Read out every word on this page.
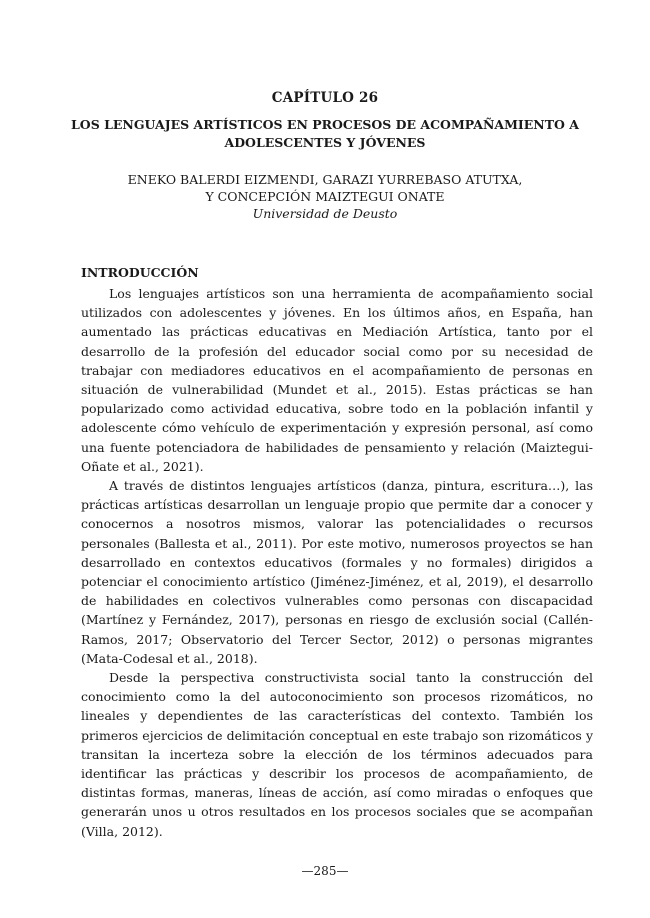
CAPÍTULO 26
LOS LENGUAJES ARTÍSTICOS EN PROCESOS DE ACOMPAÑAMIENTO A
ADOLESCENTES Y JÓVENES
ENEKO BALERDI EIZMENDI, GARAZI YURREBASO ATUTXA,
Y CONCEPCIÓN MAIZTEGUI ONATE
Universidad de Deusto
INTRODUCCIÓN

Los lenguajes artísticos son una herramienta de acompañamiento social utilizados con adolescentes y jóvenes. En los últimos años, en España, han aumentado las prácticas educativas en Mediación Artística, tanto por el desarrollo de la profesión del educador social como por su necesidad de trabajar con mediadores educativos en el acompañamiento de personas en situación de vulnerabilidad (Mundet et al., 2015). Estas prácticas se han popularizado como actividad educativa, sobre todo en la población infantil y adolescente cómo vehículo de experimentación y expresión personal, así como una fuente potenciadora de habilidades de pensamiento y relación (Maiztegui-Oñate et al., 2021).

A través de distintos lenguajes artísticos (danza, pintura, escritura…), las prácticas artísticas desarrollan un lenguaje propio que permite dar a conocer y conocernos a nosotros mismos, valorar las potencialidades o recursos personales (Ballesta et al., 2011). Por este motivo, numerosos proyectos se han desarrollado en contextos educativos (formales y no formales) dirigidos a potenciar el conocimiento artístico (Jiménez-Jiménez, et al, 2019), el desarrollo de habilidades en colectivos vulnerables como personas con discapacidad (Martínez y Fernández, 2017), personas en riesgo de exclusión social (Callén-Ramos, 2017; Observatorio del Tercer Sector, 2012) o personas migrantes (Mata-Codesal et al., 2018).

Desde la perspectiva constructivista social tanto la construcción del conocimiento como la del autoconocimiento son procesos rizomáticos, no lineales y dependientes de las características del contexto. También los primeros ejercicios de delimitación conceptual en este trabajo son rizomáticos y transitan la incerteza sobre la elección de los términos adecuados para identificar las prácticas y describir los procesos de acompañamiento, de distintas formas, maneras, líneas de acción, así como miradas o enfoques que generarán unos u otros resultados en los procesos sociales que se acompañan (Villa, 2012).

—285—
